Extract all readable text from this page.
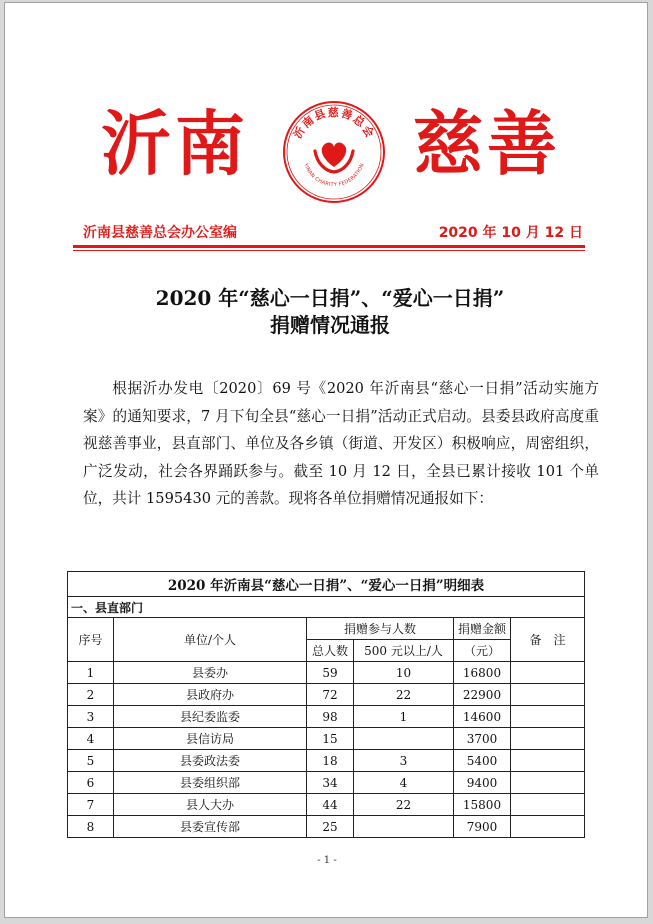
沂南 慈善
沂南县慈善总会
YINAN CHARITY FEDERATION
沂南县慈善总会办公室编	2020 年 10 月 12 日
2020 年“慈心一日捐”、“爱心一日捐”
捐赠情况通报

根据沂办发电〔2020〕69 号《2020 年沂南县“慈心一日捐”活动实施方案》的通知要求，7 月下旬全县“慈心一日捐”活动正式启动。县委县政府高度重视慈善事业，县直部门、单位及各乡镇（街道、开发区）积极响应，周密组织，广泛发动，社会各界踊跃参与。截至 10 月 12 日，全县已累计接收 101 个单位，共计 1595430 元的善款。现将各单位捐赠情况通报如下：

2020 年沂南县“慈心一日捐”、“爱心一日捐”明细表					
一、县直部门					
序号	单位/个人	捐赠参与人数		捐赠金额	备　注
		总人数	500 元以上/人	（元）	
1	县委办	59	10	16800	
2	县政府办	72	22	22900	
3	县纪委监委	98	1	14600	
4	县信访局	15		3700	
5	县委政法委	18	3	5400	
6	县委组织部	34	4	9400	
7	县人大办	44	22	15800	
8	县委宣传部	25		7900	
- 1 -
